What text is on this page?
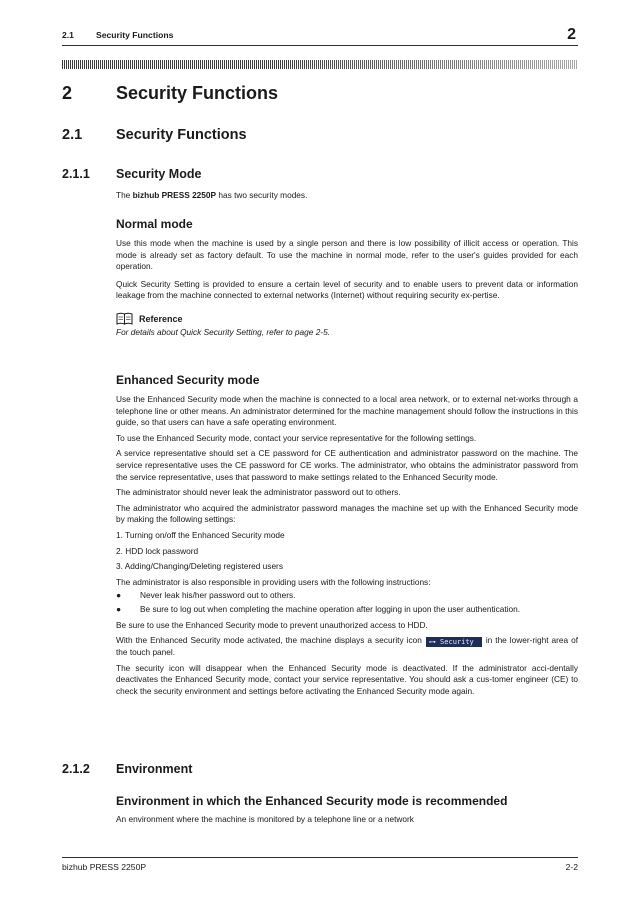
2.1	Security Functions	2
2 Security Functions
2.1 Security Functions
2.1.1 Security Mode

The bizhub PRESS 2250P has two security modes.

Normal mode

Use this mode when the machine is used by a single person and there is low possibility of illicit access or operation. This mode is already set as factory default. To use the machine in normal mode, refer to the user's guides provided for each operation.

Quick Security Setting is provided to ensure a certain level of security and to enable users to prevent data or information leakage from the machine connected to external networks (Internet) without requiring security ex-pertise.

Reference

For details about Quick Security Setting, refer to page 2-5.

Enhanced Security mode

Use the Enhanced Security mode when the machine is connected to a local area network, or to external net-works through a telephone line or other means. An administrator determined for the machine management should follow the instructions in this guide, so that users can have a safe operating environment.

To use the Enhanced Security mode, contact your service representative for the following settings.

A service representative should set a CE password for CE authentication and administrator password on the machine. The service representative uses the CE password for CE works. The administrator, who obtains the administrator password from the service representative, uses that password to make settings related to the Enhanced Security mode.

The administrator should never leak the administrator password out to others.

The administrator who acquired the administrator password manages the machine set up with the Enhanced Security mode by making the following settings:

1. Turning on/off the Enhanced Security mode

2. HDD lock password

3. Adding/Changing/Deleting registered users

The administrator is also responsible in providing users with the following instructions:

●	Never leak his/her password out to others.
●	Be sure to log out when completing the machine operation after logging in upon the user authentication.

Be sure to use the Enhanced Security mode to prevent unauthorized access to HDD.

With the Enhanced Security mode activated, the machine displays a security icon ⊶ Security in the lower-right area of the touch panel.

The security icon will disappear when the Enhanced Security mode is deactivated. If the administrator acci-dentally deactivates the Enhanced Security mode, contact your service representative. You should ask a cus-tomer engineer (CE) to check the security environment and settings before activating the Enhanced Security mode again.

2.1.2 Environment

Environment in which the Enhanced Security mode is recommended

An environment where the machine is monitored by a telephone line or a network

bizhub PRESS 2250P	2-2
